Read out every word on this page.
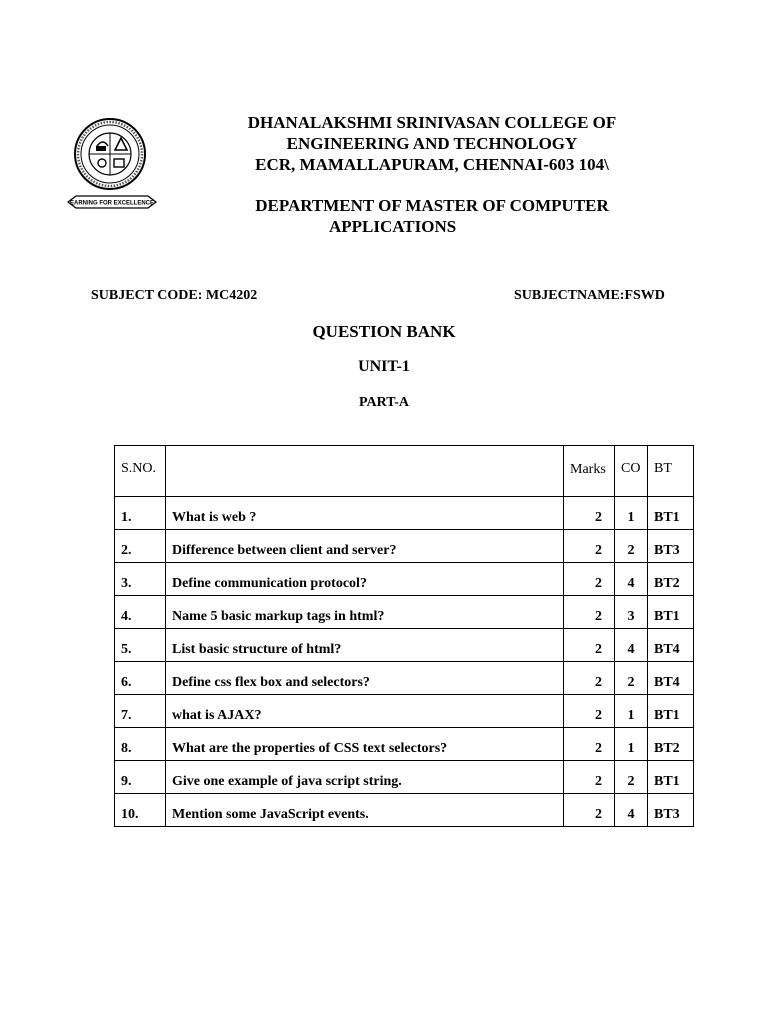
EARNING FOR EXCELLENCE
DHANALAKSHMI SRINIVASAN COLLEGE OF
ENGINEERING AND TECHNOLOGY
ECR, MAMALLAPURAM, CHENNAI-603 104\
DEPARTMENT OF MASTER OF COMPUTER
APPLICATIONS
SUBJECT CODE: MC4202	SUBJECTNAME:FSWD
QUESTION BANK
UNIT-1
PART-A
S.NO.		Marks	CO	BT
1.	What is web ?	2	1	BT1
2.	Difference between client and server?	2	2	BT3
3.	Define communication protocol?	2	4	BT2
4.	Name 5 basic markup tags in html?	2	3	BT1
5.	List basic structure of html?	2	4	BT4
6.	Define css flex box and selectors?	2	2	BT4
7.	what is AJAX?	2	1	BT1
8.	What are the properties of CSS text selectors?	2	1	BT2
9.	Give one example of java script string.	2	2	BT1
10.	Mention some JavaScript events.	2	4	BT3
